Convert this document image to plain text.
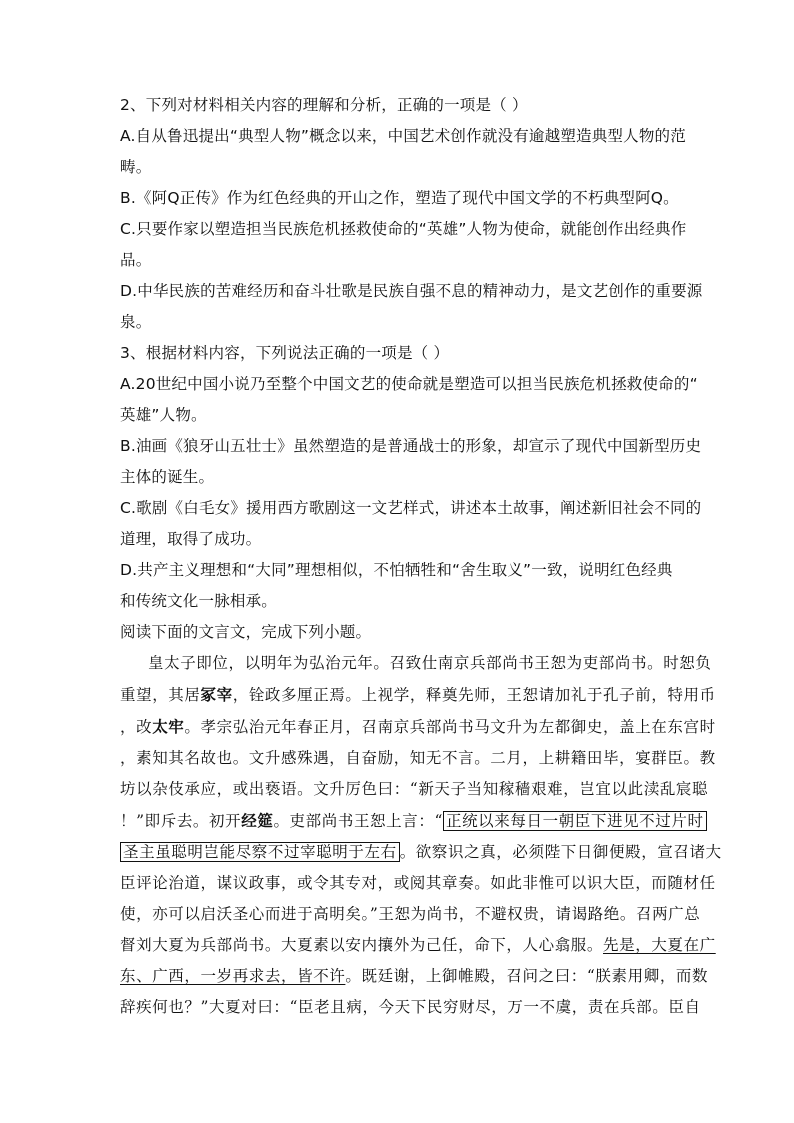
2、下列对材料相关内容的理解和分析，正确的一项是（ ）
A.自从鲁迅提出“典型人物”概念以来，中国艺术创作就没有逾越塑造典型人物的范
畴。
B.《阿Q正传》作为红色经典的开山之作，塑造了现代中国文学的不朽典型阿Q。
C.只要作家以塑造担当民族危机拯救使命的“英雄”人物为使命，就能创作出经典作
品。
D.中华民族的苦难经历和奋斗壮歌是民族自强不息的精神动力，是文艺创作的重要源
泉。
3、根据材料内容，下列说法正确的一项是（ ）
A.20世纪中国小说乃至整个中国文艺的使命就是塑造可以担当民族危机拯救使命的“
英雄”人物。
B.油画《狼牙山五壮士》虽然塑造的是普通战士的形象，却宣示了现代中国新型历史
主体的诞生。
C.歌剧《白毛女》援用西方歌剧这一文艺样式，讲述本土故事，阐述新旧社会不同的
道理，取得了成功。
D.共产主义理想和“大同”理想相似，不怕牺牲和“舍生取义”一致，说明红色经典
和传统文化一脉相承。
阅读下面的文言文，完成下列小题。
皇太子即位，以明年为弘治元年。召致仕南京兵部尚书王恕为吏部尚书。时恕负
重望，其居冢宰，铨政多厘正焉。上视学，释奠先师，王恕请加礼于孔子前，特用币
，改太牢。孝宗弘治元年春正月，召南京兵部尚书马文升为左都御史，盖上在东宫时
，素知其名故也。文升感殊遇，自奋励，知无不言。二月，上耕籍田毕，宴群臣。教
坊以杂伎承应，或出亵语。文升厉色曰：“新天子当知稼穑艰难，岂宜以此渎乱宸聪
！”即斥去。初开经筵。吏部尚书王恕上言：“ 正统以来每日一朝臣下进见不过片时
圣主虽聪明岂能尽察不过宰聪明于左右 。欲察识之真，必须陛下日御便殿，宣召诸大
臣评论治道，谋议政事，或令其专对，或阅其章奏。如此非惟可以识大臣，而随材任
使，亦可以启沃圣心而进于高明矣。”王恕为尚书，不避权贵，请谒路绝。召两广总
督刘大夏为兵部尚书。大夏素以安内攘外为己任，命下，人心翕服。先是，大夏在广
东、广西，一岁再求去，皆不许。既廷谢，上御帷殿，召问之曰：“朕素用卿，而数
辞疾何也？”大夏对曰：“臣老且病，今天下民穷财尽，万一不虞，责在兵部。臣自
